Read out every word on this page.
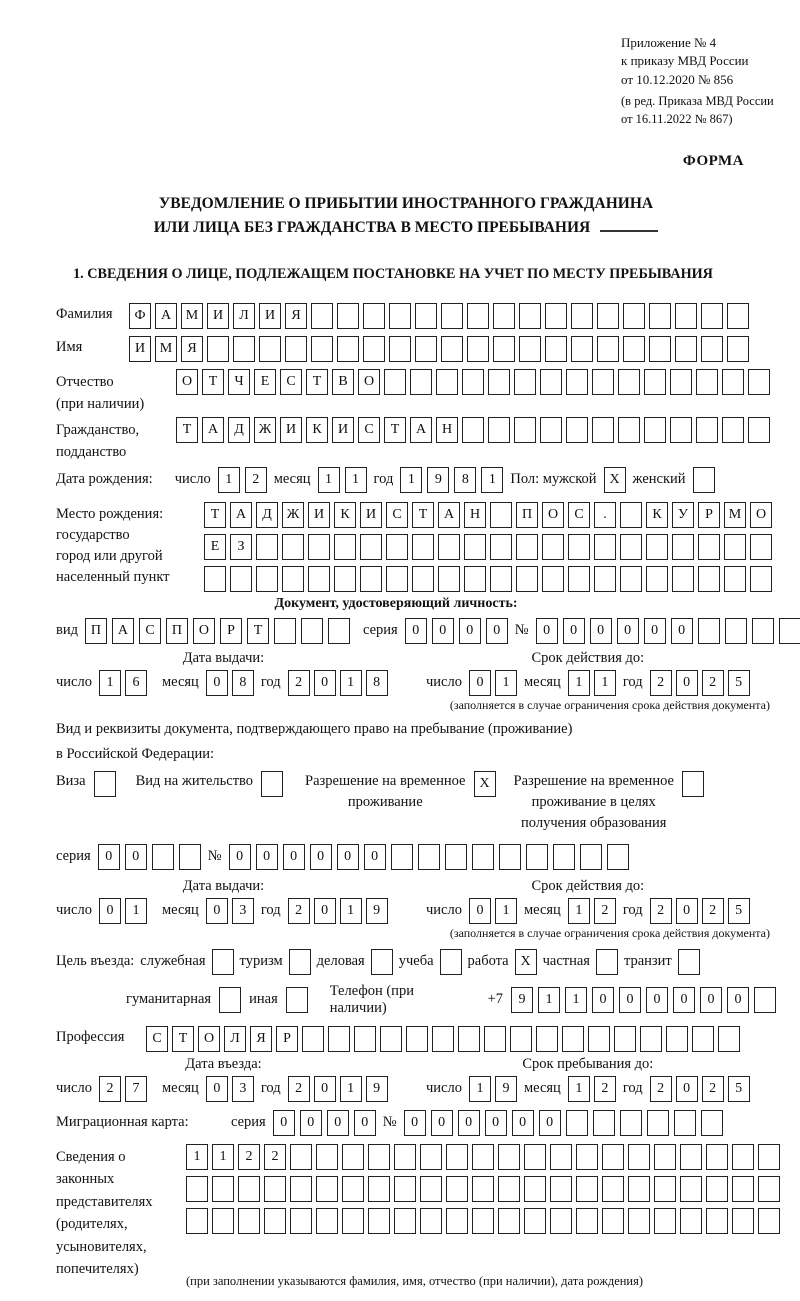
Приложение № 4
к приказу МВД России
от 10.12.2020 № 856
(в ред. Приказа МВД России
от 16.11.2022 № 867)
ФОРМА
УВЕДОМЛЕНИЕ О ПРИБЫТИИ ИНОСТРАННОГО ГРАЖДАНИНА
ИЛИ ЛИЦА БЕЗ ГРАЖДАНСТВА В МЕСТО ПРЕБЫВАНИЯ
1. СВЕДЕНИЯ О ЛИЦЕ, ПОДЛЕЖАЩЕМ ПОСТАНОВКЕ НА УЧЕТ ПО МЕСТУ ПРЕБЫВАНИЯ
Фамилия	Ф	А	М	И	Л	И	Я
Имя	И	М	Я
Отчество
(при наличии)
О	Т	Ч	Е	С	Т	В	О
Гражданство,
подданство
Т	А	Д	Ж	И	К	И	С	Т	А	Н
Дата рождения: число	1	2	месяц	1	1	год	1	9	8	1	Пол: мужской X женский
Место рождения:
государство
город или другой
населенный пункт
Т	А	Д	Ж	И	К	И	С	Т	А	Н	П	О	С	.	К	У	Р	М	О
Е	З
Документ, удостоверяющий личность:
вид П	А	С	П	О	Р	Т	серия	0	0	0	0	№	0	0	0	0	0	0
Дата выдачи:
число	1	6	месяц	0	8	год	2	0	1	8
Срок действия до:
число	0	1	месяц	1	1	год	2	0	2	5
(заполняется в случае ограничения срока действия документа)
Вид и реквизиты документа, подтверждающего право на пребывание (проживание)
в Российской Федерации:
Виза	Вид на жительство	Разрешение на временное
проживание
X	Разрешение на временное
проживание в целях
получения образования
серия	0	0	№	0	0	0	0	0	0
Дата выдачи:
число	0	1	месяц	0	3	год	2	0	1	9
Срок действия до:
число	0	1	месяц	1	2	год	2	0	2	5
(заполняется в случае ограничения срока действия документа)
Цель въезда: служебная туризм деловая учеба работа X частная транзит
гуманитарная	иная
Телефон (при наличии)
+7	9	1	1	0	0	0	0	0	0
Профессия	С	Т	О	Л	Я	Р
Дата въезда:
число	2	7	месяц	0	3	год	2	0	1	9
Срок пребывания до:
число	1	9	месяц	1	2	год	2	0	2	5
Миграционная карта:	серия	0	0	0	0	№	0	0	0	0	0	0
Сведения о
законных
представителях
(родителях,
усыновителях,
попечителях)
1	1	2	2
(при заполнении указываются фамилия, имя, отчество (при наличии), дата рождения)
